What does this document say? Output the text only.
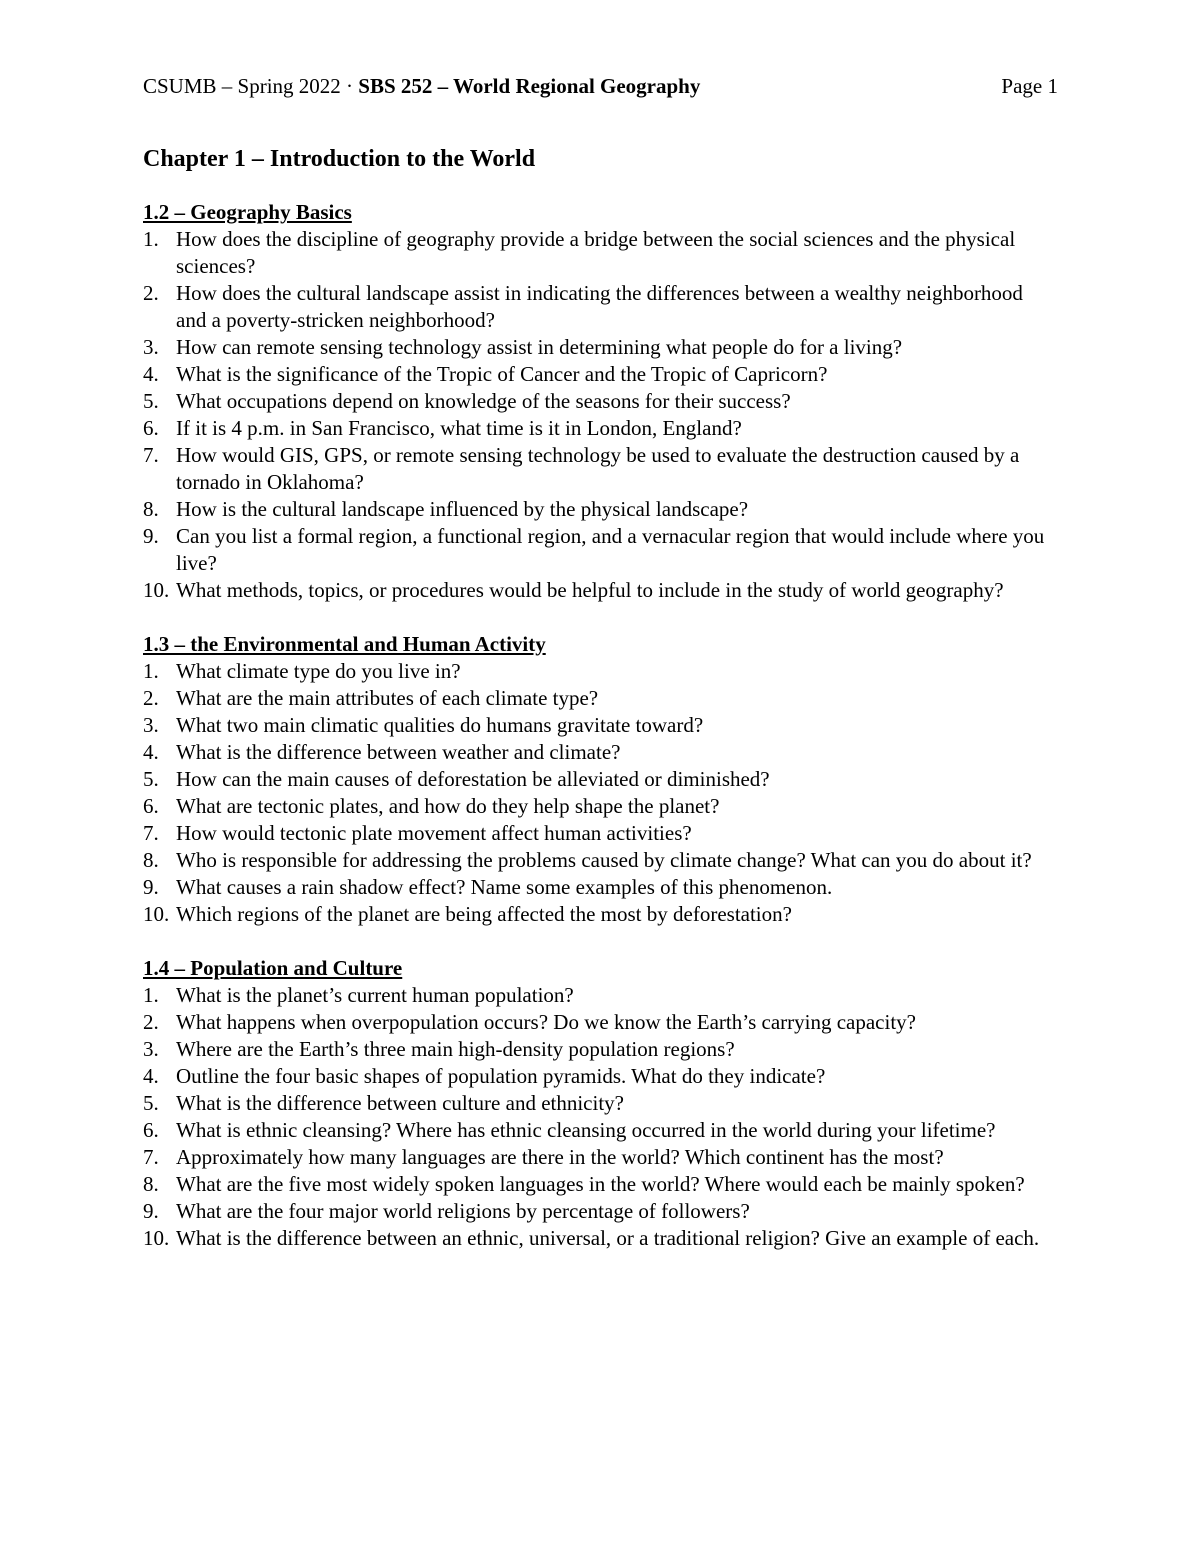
CSUMB – Spring 2022 · SBS 252 – World Regional Geography	Page 1
Chapter 1 – Introduction to the World
1.2 – Geography Basics
1. How does the discipline of geography provide a bridge between the social sciences and the physical sciences?
2. How does the cultural landscape assist in indicating the differences between a wealthy neighborhood and a poverty-stricken neighborhood?
3. How can remote sensing technology assist in determining what people do for a living?
4. What is the significance of the Tropic of Cancer and the Tropic of Capricorn?
5. What occupations depend on knowledge of the seasons for their success?
6. If it is 4 p.m. in San Francisco, what time is it in London, England?
7. How would GIS, GPS, or remote sensing technology be used to evaluate the destruction caused by a tornado in Oklahoma?
8. How is the cultural landscape influenced by the physical landscape?
9. Can you list a formal region, a functional region, and a vernacular region that would include where you live?
10. What methods, topics, or procedures would be helpful to include in the study of world geography?
1.3 – the Environmental and Human Activity
1. What climate type do you live in?
2. What are the main attributes of each climate type?
3. What two main climatic qualities do humans gravitate toward?
4. What is the difference between weather and climate?
5. How can the main causes of deforestation be alleviated or diminished?
6. What are tectonic plates, and how do they help shape the planet?
7. How would tectonic plate movement affect human activities?
8. Who is responsible for addressing the problems caused by climate change? What can you do about it?
9. What causes a rain shadow effect? Name some examples of this phenomenon.
10. Which regions of the planet are being affected the most by deforestation?
1.4 – Population and Culture
1. What is the planet’s current human population?
2. What happens when overpopulation occurs? Do we know the Earth’s carrying capacity?
3. Where are the Earth’s three main high-density population regions?
4. Outline the four basic shapes of population pyramids. What do they indicate?
5. What is the difference between culture and ethnicity?
6. What is ethnic cleansing? Where has ethnic cleansing occurred in the world during your lifetime?
7. Approximately how many languages are there in the world? Which continent has the most?
8. What are the five most widely spoken languages in the world? Where would each be mainly spoken?
9. What are the four major world religions by percentage of followers?
10. What is the difference between an ethnic, universal, or a traditional religion? Give an example of each.
